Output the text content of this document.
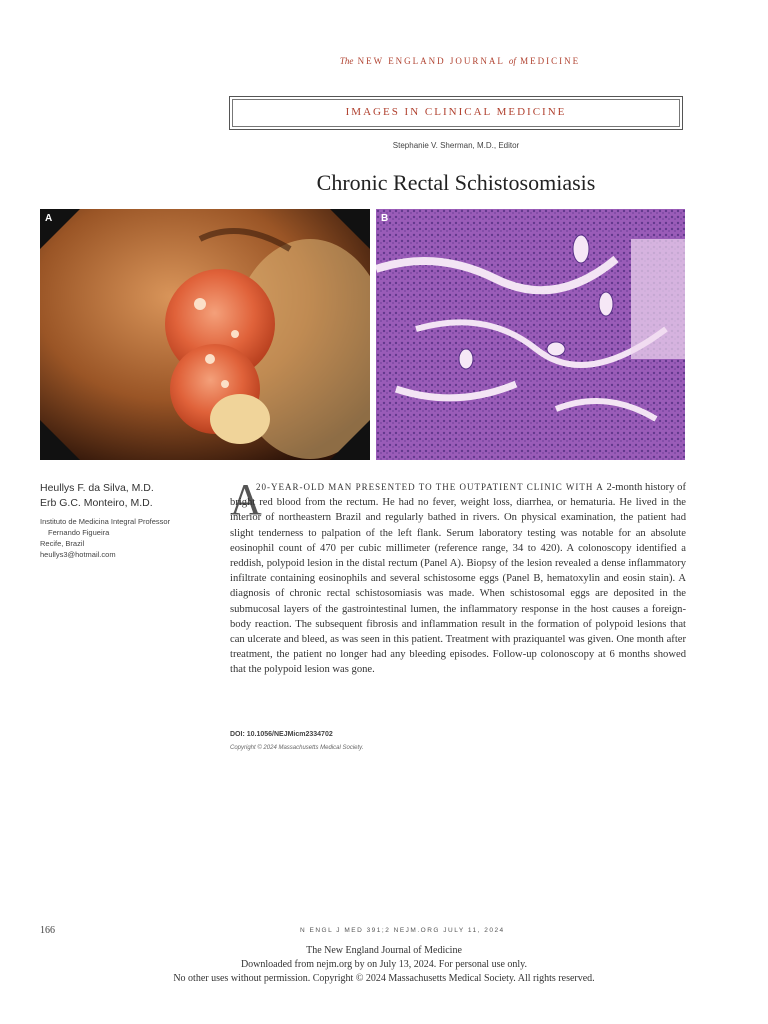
The NEW ENGLAND JOURNAL of MEDICINE
IMAGES IN CLINICAL MEDICINE
Stephanie V. Sherman, M.D., Editor
Chronic Rectal Schistosomiasis
A	B
Heullys F. da Silva, M.D.
Erb G.C. Monteiro, M.D.
Instituto de Medicina Integral Professor
Fernando Figueira
Recife, Brazil
heullys3@hotmail.com
A
20-YEAR-OLD MAN PRESENTED TO THE OUTPATIENT CLINIC WITH A 2-month history of bright red blood from the rectum. He had no fever, weight loss, diarrhea, or hematuria. He lived in the interior of northeastern Brazil and regularly bathed in rivers. On physical examination, the patient had slight tenderness to palpation of the left flank. Serum laboratory testing was notable for an absolute eosinophil count of 470 per cubic millimeter (reference range, 34 to 420). A colonoscopy identified a reddish, polypoid lesion in the distal rectum (Panel A). Biopsy of the lesion revealed a dense inflammatory infiltrate containing eosinophils and several schistosome eggs (Panel B, hematoxylin and eosin stain). A diagnosis of chronic rectal schistosomiasis was made. When schistosomal eggs are deposited in the submucosal layers of the gastrointestinal lumen, the inflammatory response in the host causes a foreign-body reaction. The subsequent fibrosis and inflammation result in the formation of polypoid lesions that can ulcerate and bleed, as was seen in this patient. Treatment with praziquantel was given. One month after treatment, the patient no longer had any bleeding episodes. Follow-up colonoscopy at 6 months showed that the polypoid lesion was gone.
DOI: 10.1056/NEJMicm2334702
Copyright © 2024 Massachusetts Medical Society.
166	N ENGL J MED 391;2 NEJM.ORG JULY 11, 2024
The New England Journal of Medicine
Downloaded from nejm.org by on July 13, 2024. For personal use only.
No other uses without permission. Copyright © 2024 Massachusetts Medical Society. All rights reserved.
